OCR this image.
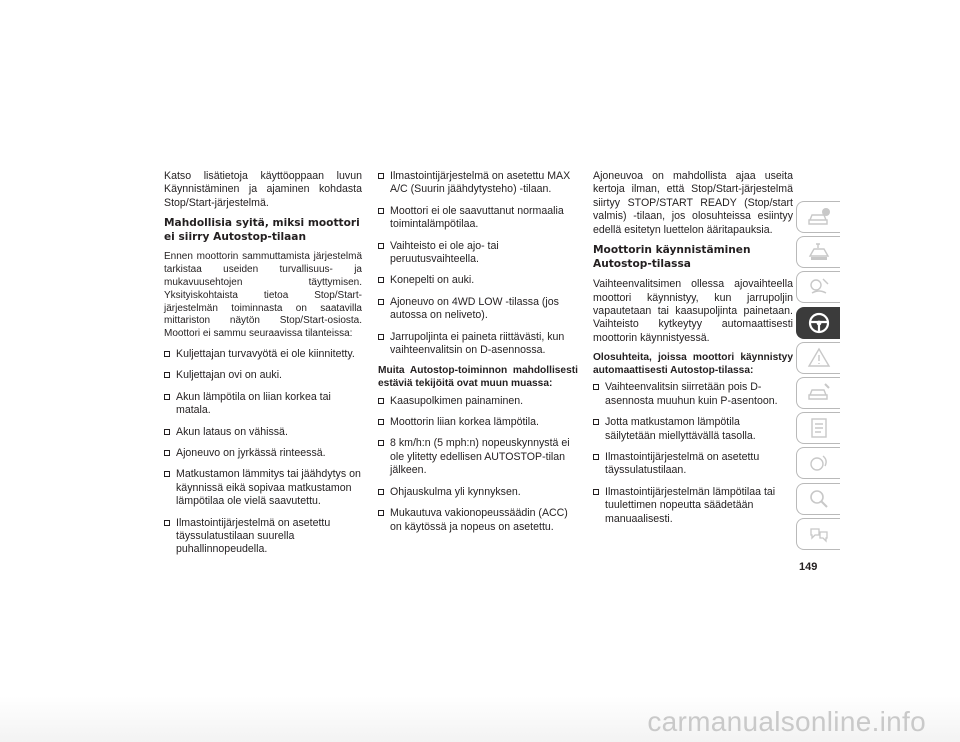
Katso lisätietoja käyttöoppaan luvun Käynnistäminen ja ajaminen kohdasta Stop/Start-järjestelmä.

Mahdollisia syitä, miksi moottori ei siirry Autostop-tilaan

Ennen moottorin sammuttamista järjestelmä tarkistaa useiden turvallisuus- ja mukavuusehtojen täyttymisen. Yksityiskohtaista tietoa Stop/Start-järjestelmän toiminnasta on saatavilla mittariston näytön Stop/Start-osiosta. Moottori ei sammu seuraavissa tilanteissa:

Kuljettajan turvavyötä ei ole kiinnitetty.
Kuljettajan ovi on auki.
Akun lämpötila on liian korkea tai matala.
Akun lataus on vähissä.
Ajoneuvo on jyrkässä rinteessä.
Matkustamon lämmitys tai jäähdytys on käynnissä eikä sopivaa matkustamon lämpötilaa ole vielä saavutettu.
Ilmastointijärjestelmä on asetettu täyssulatustilaan suurella puhallinnopeudella.
Ilmastointijärjestelmä on asetettu MAX A/C (Suurin jäähdytysteho) -tilaan.
Moottori ei ole saavuttanut normaalia toimintalämpötilaa.
Vaihteisto ei ole ajo- tai peruutusvaihteella.
Konepelti on auki.
Ajoneuvo on 4WD LOW -tilassa (jos autossa on neliveto).
Jarrupoljinta ei paineta riittävästi, kun vaihteenvalitsin on D-asennossa.
Muita Autostop-toiminnon mahdollisesti estäviä tekijöitä ovat muun muassa:
Kaasupolkimen painaminen.
Moottorin liian korkea lämpötila.
8 km/h:n (5 mph:n) nopeuskynnystä ei ole ylitetty edellisen AUTOSTOP-tilan jälkeen.
Ohjauskulma yli kynnyksen.
Mukautuva vakionopeussäädin (ACC) on käytössä ja nopeus on asetettu.

Ajoneuvoa on mahdollista ajaa useita kertoja ilman, että Stop/Start-järjestelmä siirtyy STOP/START READY (Stop/start valmis) -tilaan, jos olosuhteissa esiintyy edellä esitetyn luettelon ääritapauksia.

Moottorin käynnistäminen Autostop-tilassa

Vaihteenvalitsimen ollessa ajovaihteella moottori käynnistyy, kun jarrupoljin vapautetaan tai kaasupoljinta painetaan. Vaihteisto kytkeytyy automaattisesti moottorin käynnistyessä.

Olosuhteita, joissa moottori käynnistyy automaattisesti Autostop-tilassa:
Vaihteenvalitsin siirretään pois D-asennosta muuhun kuin P-asentoon.
Jotta matkustamon lämpötila säilytetään miellyttävällä tasolla.
Ilmastointijärjestelmä on asetettu täyssulatustilaan.
Ilmastointijärjestelmän lämpötilaa tai tuulettimen nopeutta säädetään manuaalisesti.
149
carmanualsonline.info
